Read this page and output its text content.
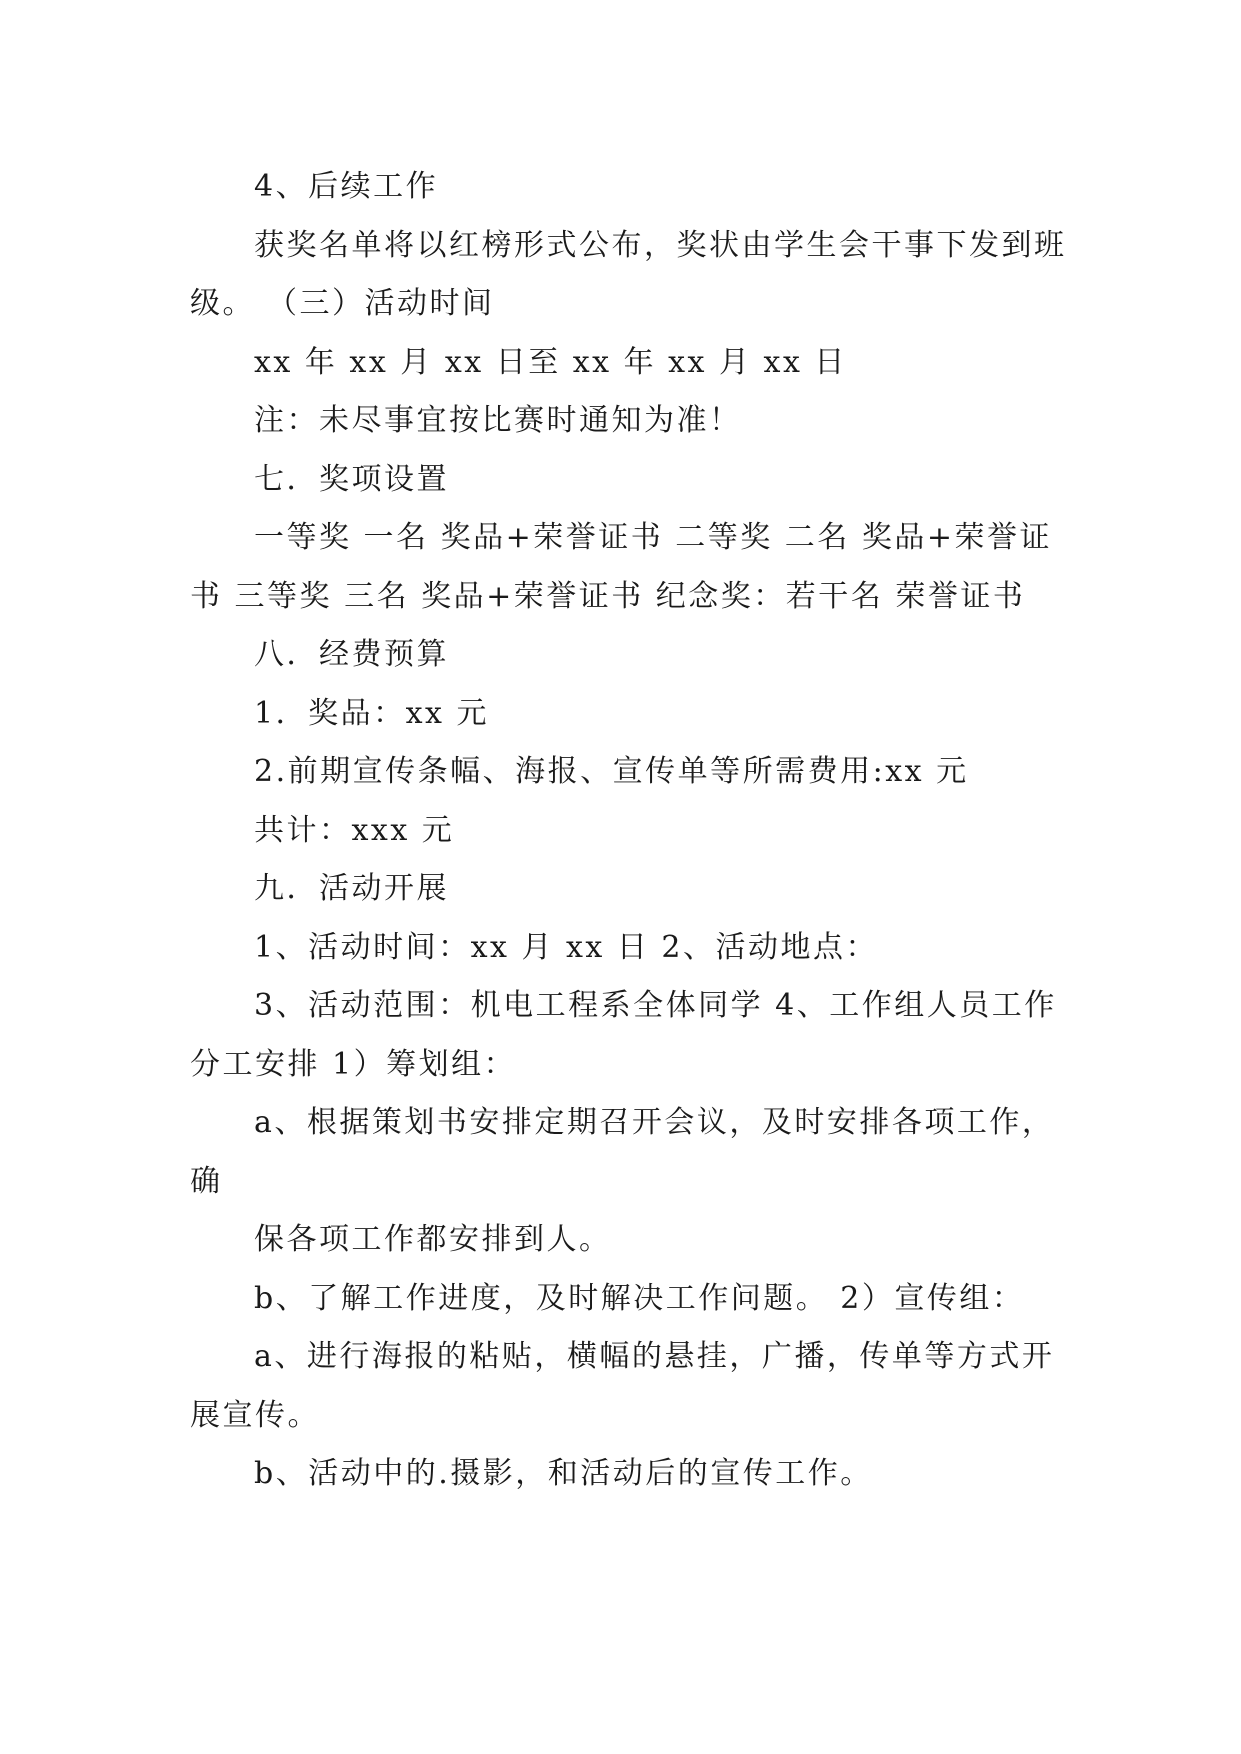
4、后续工作

获奖名单将以红榜形式公布，奖状由学生会干事下发到班级。 （三）活动时间

xx 年 xx 月 xx 日至 xx 年 xx 月 xx 日

注：未尽事宜按比赛时通知为准！

七．奖项设置

一等奖 一名 奖品+荣誉证书 二等奖 二名 奖品+荣誉证书 三等奖 三名 奖品+荣誉证书 纪念奖：若干名 荣誉证书

八．经费预算

1．奖品：xx 元

2.前期宣传条幅、海报、宣传单等所需费用:xx 元

共计：xxx 元

九．活动开展

1、活动时间：xx 月 xx 日 2、活动地点：

3、活动范围：机电工程系全体同学 4、工作组人员工作分工安排 1）筹划组：

a、根据策划书安排定期召开会议，及时安排各项工作，确

保各项工作都安排到人。

b、了解工作进度，及时解决工作问题。 2）宣传组：

a、进行海报的粘贴，横幅的悬挂，广播，传单等方式开展宣传。

b、活动中的.摄影，和活动后的宣传工作。
